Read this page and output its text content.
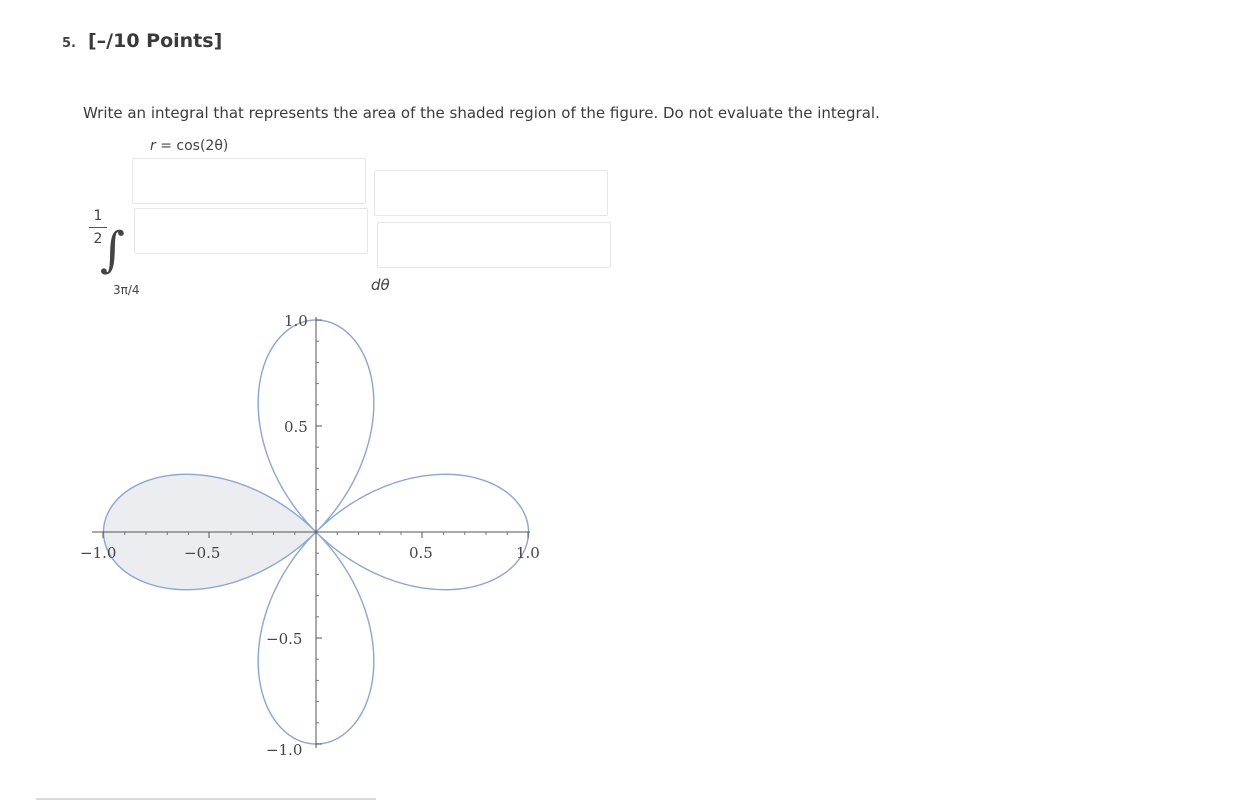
5. [–/10 Points]
Write an integral that represents the area of the shaded region of the figure. Do not evaluate the integral.
r = cos(2θ)
1
2
∫
3π/4	dθ
−1.0	−0.5	0.5	1.0
1.0
0.5
−0.5
−1.0
